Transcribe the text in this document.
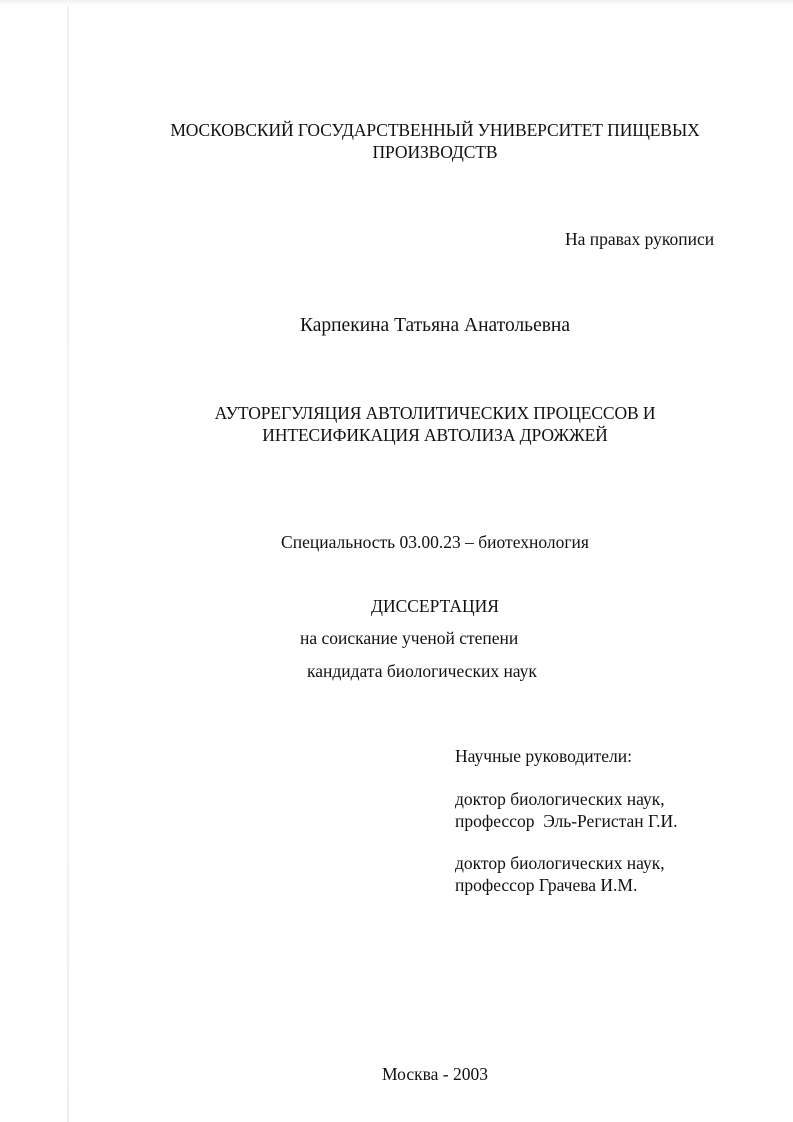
МОСКОВСКИЙ ГОСУДАРСТВЕННЫЙ УНИВЕРСИТЕТ ПИЩЕВЫХ
ПРОИЗВОДСТВ
На правах рукописи
Карпекина Татьяна Анатольевна
АУТОРЕГУЛЯЦИЯ АВТОЛИТИЧЕСКИХ ПРОЦЕССОВ И
ИНТЕСИФИКАЦИЯ АВТОЛИЗА ДРОЖЖЕЙ
Специальность 03.00.23 – биотехнология
ДИССЕРТАЦИЯ
на соискание ученой степени
кандидата биологических наук
Научные руководители:
доктор биологических наук,
профессор  Эль-Регистан Г.И.
доктор биологических наук,
профессор Грачева И.М.
Москва - 2003
